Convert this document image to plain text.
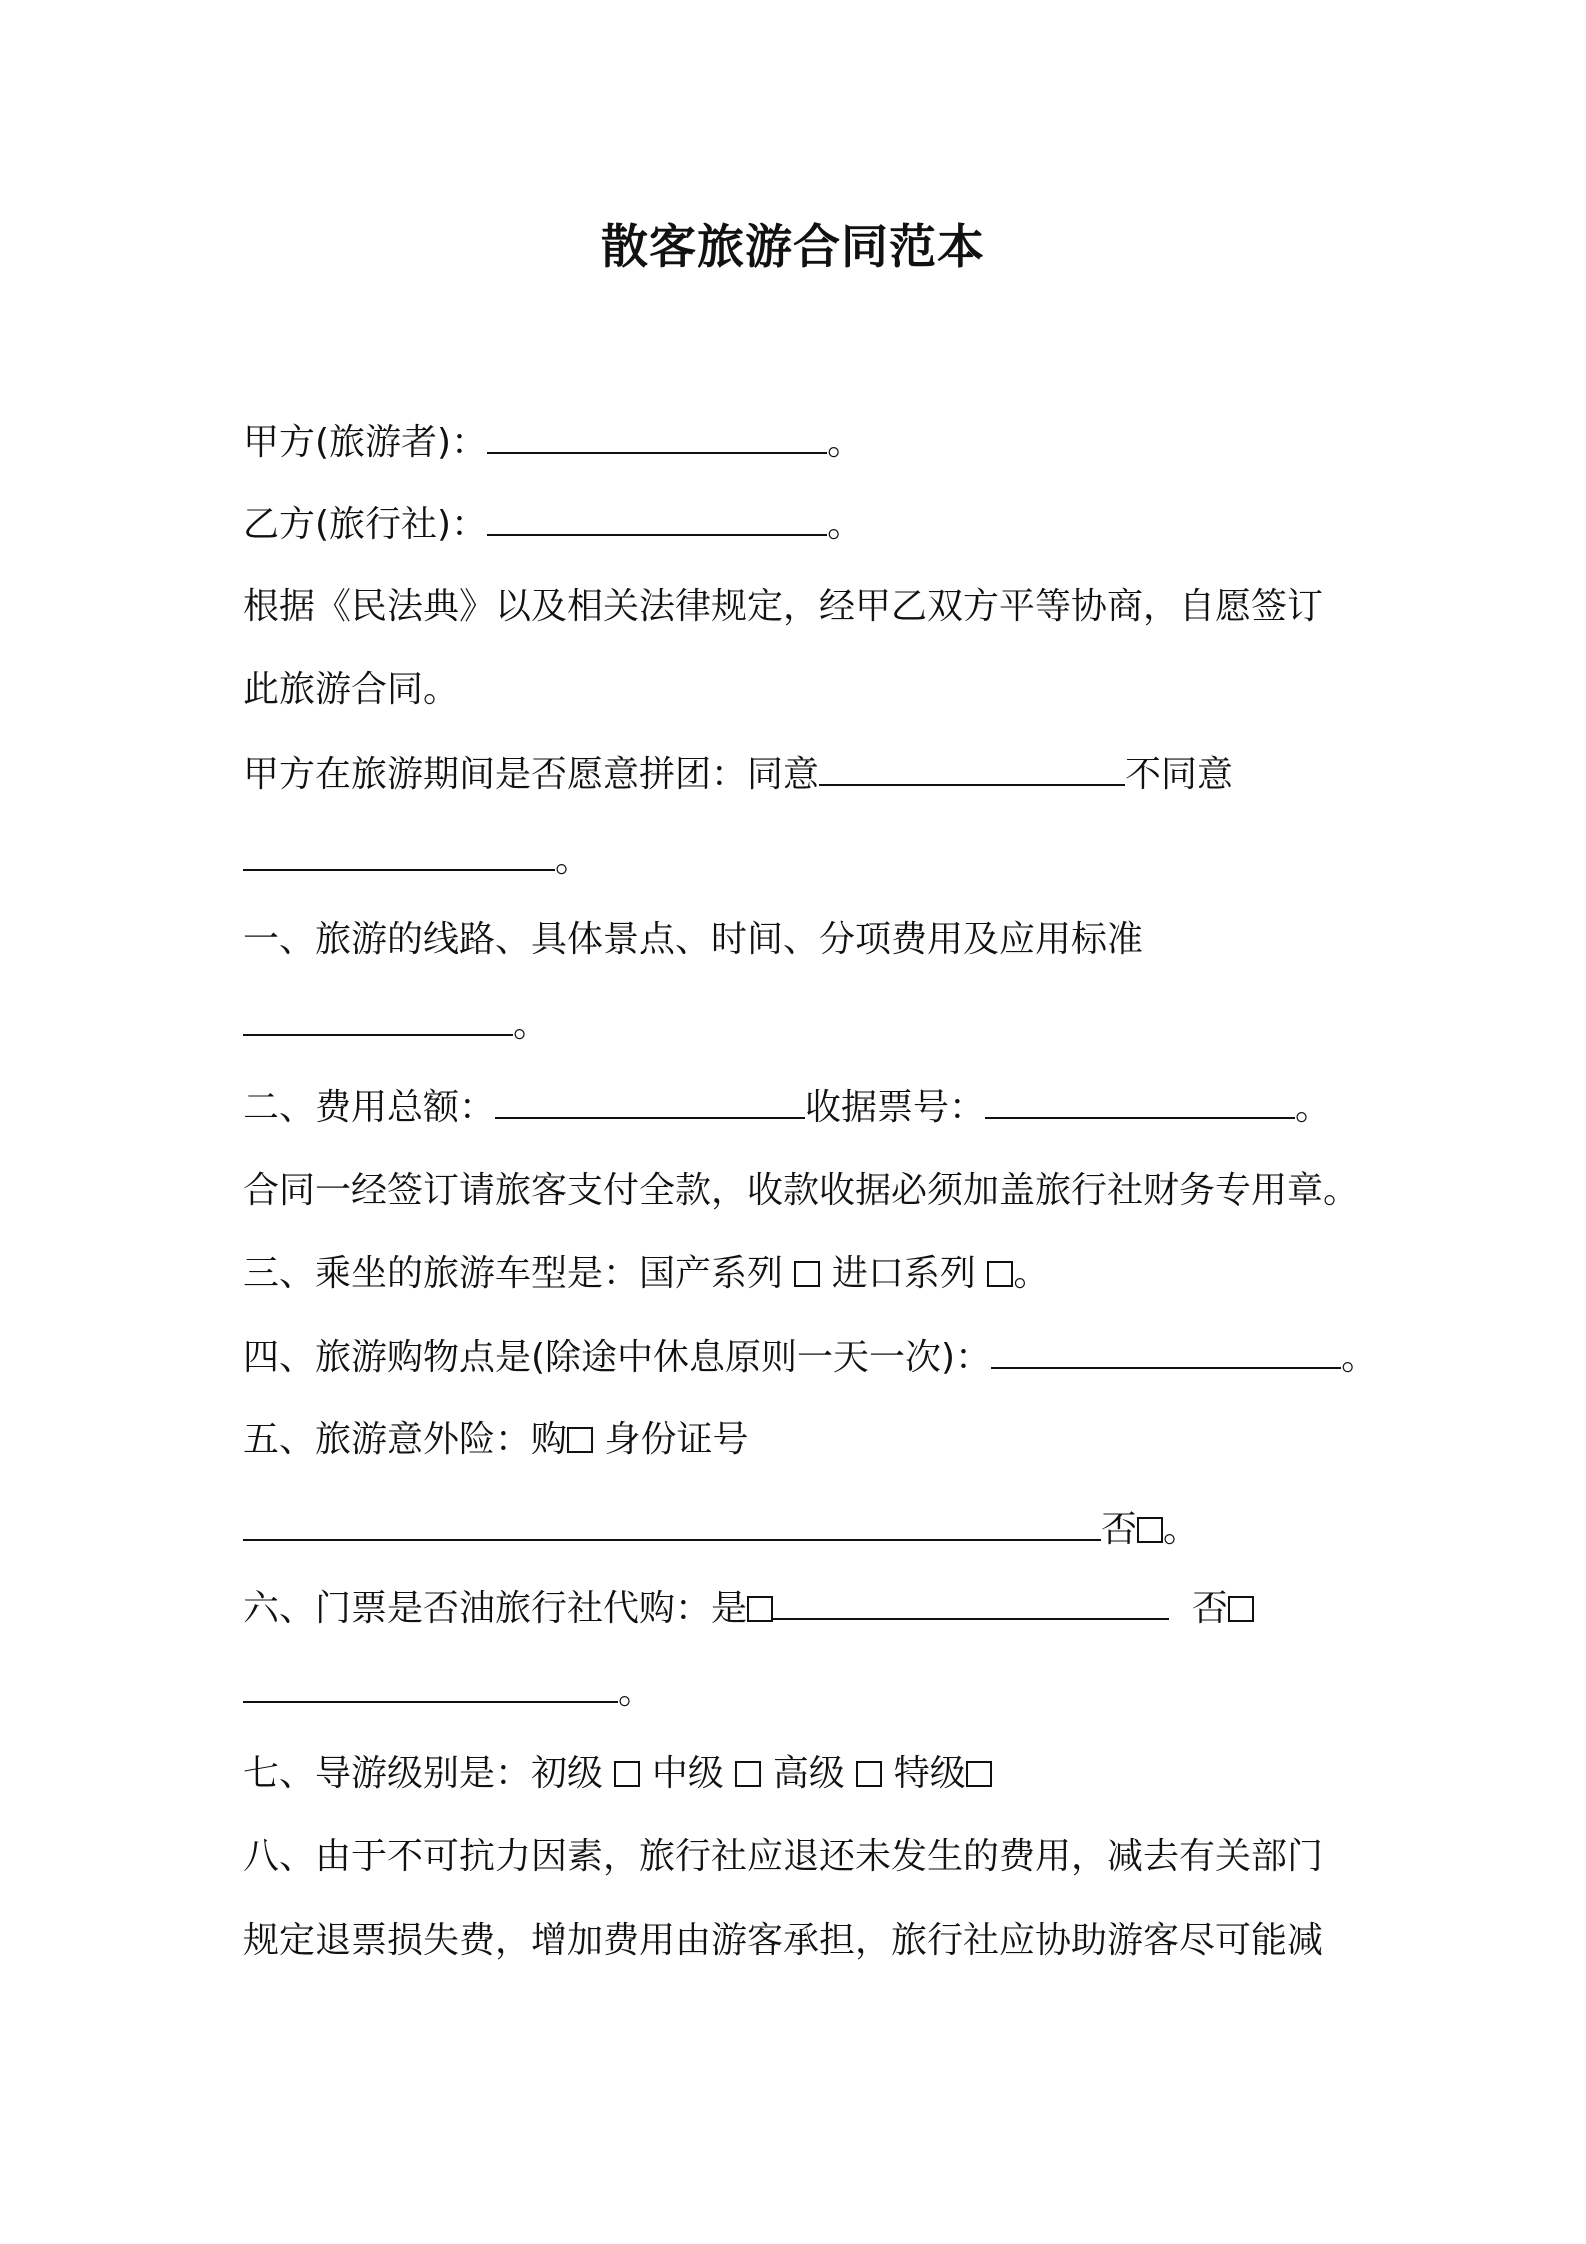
散客旅游合同范本
甲方(旅游者)：	。
乙方(旅行社)：	。
根据《民法典》以及相关法律规定，经甲乙双方平等协商，自愿签订
此旅游合同。
甲方在旅游期间是否愿意拼团：同意	不同意
。
一、旅游的线路、具体景点、时间、分项费用及应用标准
。
二、费用总额：	收据票号：	。
合同一经签订请旅客支付全款，收款收据必须加盖旅行社财务专用章。
三、乘坐的旅游车型是：国产系列 进口系列 。
四、旅游购物点是(除途中休息原则一天一次)：	。
五、旅游意外险：购 身份证号
否 。
六、门票是否油旅行社代购：是	否
。
七、导游级别是：初级 中级 高级 特级
八、由于不可抗力因素，旅行社应退还未发生的费用，减去有关部门
规定退票损失费，增加费用由游客承担，旅行社应协助游客尽可能减
